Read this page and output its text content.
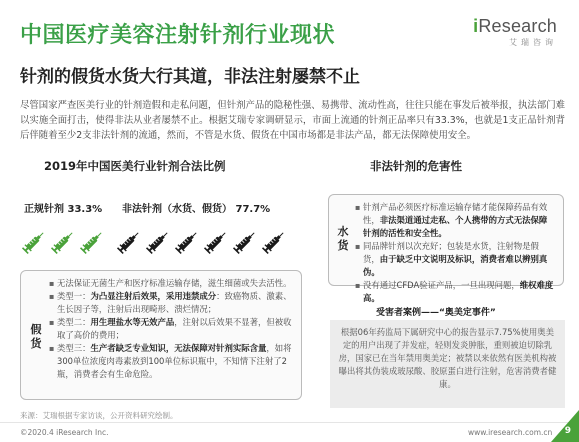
中国医疗美容注射针剂行业现状
针剂的假货水货大行其道，非法注射屡禁不止
iResearch
艾瑞咨询
尽管国家严查医美行业的针剂造假和走私问题，但针剂产品的隐秘性强、易携带、流动性高，往往只能在事发后被举报，执法部门难以实施全面打击，使得非法从业者屡禁不止。根据艾瑞专家调研显示，市面上流通的针剂正品率只有33.3%，也就是1支正品针剂背后伴随着至少2支非法针剂的流通，然而，不管是水货、假货在中国市场都是非法产品，都无法保障使用安全。
2019年中国医美行业针剂合法比例	非法针剂的危害性
正规针剂 33.3% 非法针剂（水货、假货） 77.7%
假
货
▪ 无法保证无菌生产和医疗标准运输存储，滋生细菌或失去活性。
▪ 类型一：为凸显注射后效果，采用违禁成分：致癌物质、激素、生长因子等，注射后出现畸形、溃烂情况；
▪ 类型二：用生理盐水等无效产品，注射以后效果不显著，但被收取了高价的费用；
▪ 类型三：生产者缺乏专业知识，无法保障对针剂实际含量，如将300单位浓度肉毒素放到100单位标识瓶中，不知情下注射了2瓶，消费者会有生命危险。
水
货
▪ 针剂产品必须医疗标准运输存储才能保障药品有效性，非法渠道通过走私、个人携带的方式无法保障针剂的活性和安全性。
▪ 同品牌针剂以次充好；包装是水货，注射物是假货，由于缺乏中文说明及标识，消费者难以辨别真伪。
▪ 没有通过CFDA验证产品，一旦出现问题，维权难度高。
受害者案例——“奥美定事件”
根据06年药监局下属研究中心的报告显示7.75%使用奥美定的用户出现了并发症，轻则发炎肿胀，重则被迫切除乳房，国家已在当年禁用奥美定；被禁以来依然有医美机构被曝出将其伪装成玻尿酸、胶原蛋白进行注射，危害消费者健康。
来源：艾瑞根据专家访谈，公开资料研究绘制。
©2020.4 iResearch Inc.	www.iresearch.com.cn 9
